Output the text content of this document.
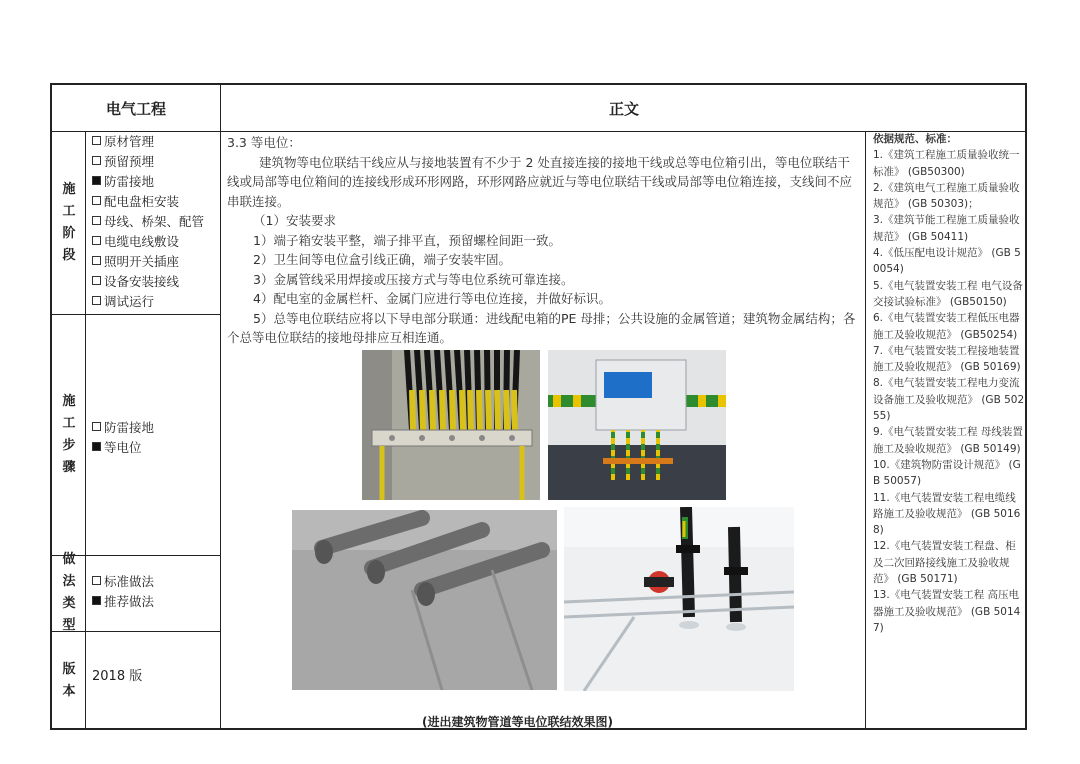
电气工程	正文
施
工
阶
段
原材管理
预留预埋
防雷接地
配电盘柜安装
母线、桥架、配管
电缆电线敷设
照明开关插座
设备安装接线
调试运行
施
工
步
骤
防雷接地
等电位
做
法
类
型
标准做法
推荐做法
版
本
2018 版

3.3 等电位：

建筑物等电位联结干线应从与接地装置有不少于 2 处直接连接的接地干线或总等电位箱引出，等电位联结干线或局部等电位箱间的连接线形成环形网路，环形网路应就近与等电位联结干线或局部等电位箱连接，支线间不应串联连接。

（1）安装要求

1）端子箱安装平整，端子排平直，预留螺栓间距一致。

2）卫生间等电位盒引线正确，端子安装牢固。

3）金属管线采用焊接或压接方式与等电位系统可靠连接。

4）配电室的金属栏杆、金属门应进行等电位连接，并做好标识。

5）总等电位联结应将以下导电部分联通：进线配电箱的PE 母排；公共设施的金属管道；建筑物金属结构；各个总等电位联结的接地母排应互相连通。

(进出建筑物管道等电位联结效果图)
依据规范、标准：
1.《建筑工程施工质量验收统一标准》 (GB50300)
2.《建筑电气工程施工质量验收规范》 (GB 50303)；
3.《建筑节能工程施工质量验收规范》 (GB 50411)
4.《低压配电设计规范》 (GB 50054)
5.《电气装置安装工程 电气设备交接试验标准》 (GB50150)
6.《电气装置安装工程低压电器施工及验收规范》 (GB50254)
7.《电气装置安装工程接地装置施工及验收规范》 (GB 50169)
8.《电气装置安装工程电力变流设备施工及验收规范》 (GB 50255)
9.《电气装置安装工程 母线装置施工及验收规范》 (GB 50149)
10.《建筑物防雷设计规范》 (GB 50057)
11.《电气装置安装工程电缆线路施工及验收规范》 (GB 50168)
12.《电气装置安装工程盘、柜及二次回路接线施工及验收规范》 (GB 50171)
13.《电气装置安装工程 高压电器施工及验收规范》 (GB 50147)
